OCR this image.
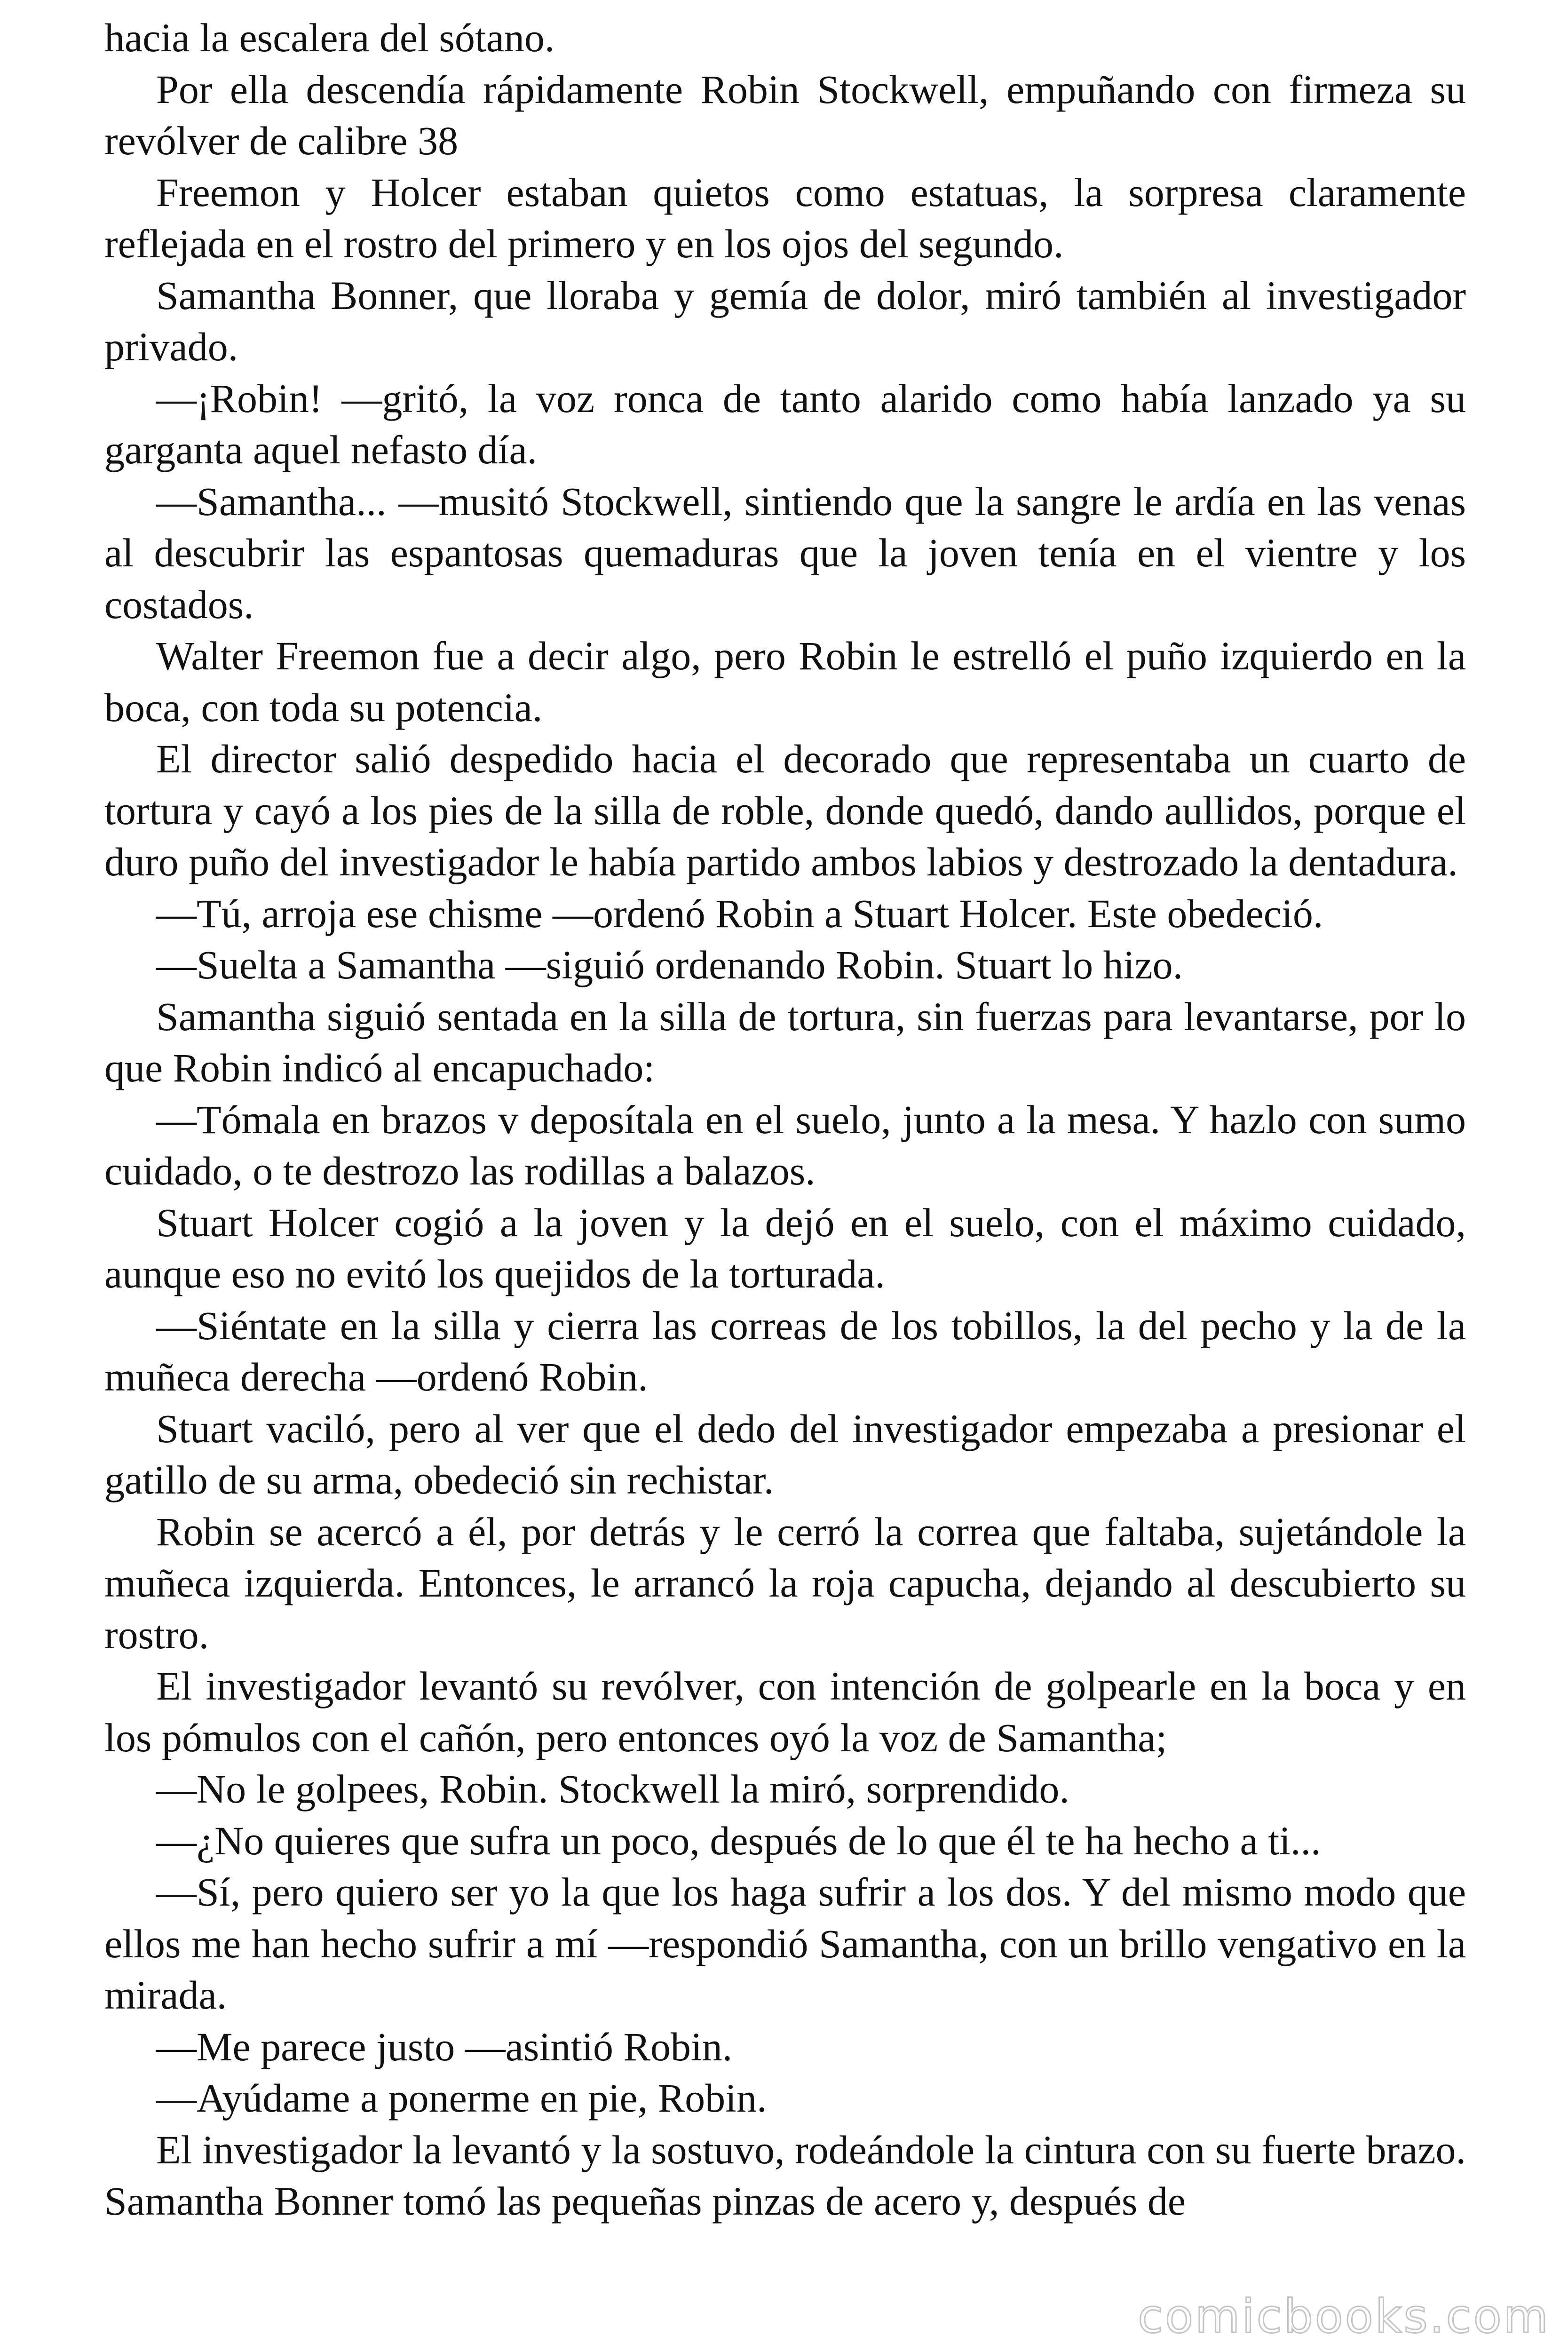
hacia la escalera del sótano.

Por ella descendía rápidamente Robin Stockwell, empuñando con firmeza su revólver de calibre 38

Freemon y Holcer estaban quietos como estatuas, la sorpresa claramente reflejada en el rostro del primero y en los ojos del segundo.

Samantha Bonner, que lloraba y gemía de dolor, miró también al investigador privado.

—¡Robin! —gritó, la voz ronca de tanto alarido como había lanzado ya su garganta aquel nefasto día.

—Samantha... —musitó Stockwell, sintiendo que la sangre le ardía en las venas al descubrir las espantosas quemaduras que la joven tenía en el vientre y los costados.

Walter Freemon fue a decir algo, pero Robin le estrelló el puño izquierdo en la boca, con toda su potencia.

El director salió despedido hacia el decorado que representaba un cuarto de tortura y cayó a los pies de la silla de roble, donde quedó, dando aullidos, porque el duro puño del investigador le había partido ambos labios y destrozado la dentadura.

—Tú, arroja ese chisme —ordenó Robin a Stuart Holcer. Este obedeció.

—Suelta a Samantha —siguió ordenando Robin. Stuart lo hizo.

Samantha siguió sentada en la silla de tortura, sin fuerzas para levantarse, por lo que Robin indicó al encapuchado:

—Tómala en brazos v deposítala en el suelo, junto a la mesa. Y hazlo con sumo cuidado, o te destrozo las rodillas a balazos.

Stuart Holcer cogió a la joven y la dejó en el suelo, con el máximo cuidado, aunque eso no evitó los quejidos de la torturada.

—Siéntate en la silla y cierra las correas de los tobillos, la del pecho y la de la muñeca derecha —ordenó Robin.

Stuart vaciló, pero al ver que el dedo del investigador empezaba a presionar el gatillo de su arma, obedeció sin rechistar.

Robin se acercó a él, por detrás y le cerró la correa que faltaba, sujetándole la muñeca izquierda. Entonces, le arrancó la roja capucha, dejando al descubierto su rostro.

El investigador levantó su revólver, con intención de golpearle en la boca y en los pómulos con el cañón, pero entonces oyó la voz de Samantha;

—No le golpees, Robin. Stockwell la miró, sorprendido.

—¿No quieres que sufra un poco, después de lo que él te ha hecho a ti...

—Sí, pero quiero ser yo la que los haga sufrir a los dos. Y del mismo modo que ellos me han hecho sufrir a mí —respondió Samantha, con un brillo vengativo en la mirada.

—Me parece justo —asintió Robin.

—Ayúdame a ponerme en pie, Robin.

El investigador la levantó y la sostuvo, rodeándole la cintura con su fuerte brazo. Samantha Bonner tomó las pequeñas pinzas de acero y, después de

comicbooks.com
